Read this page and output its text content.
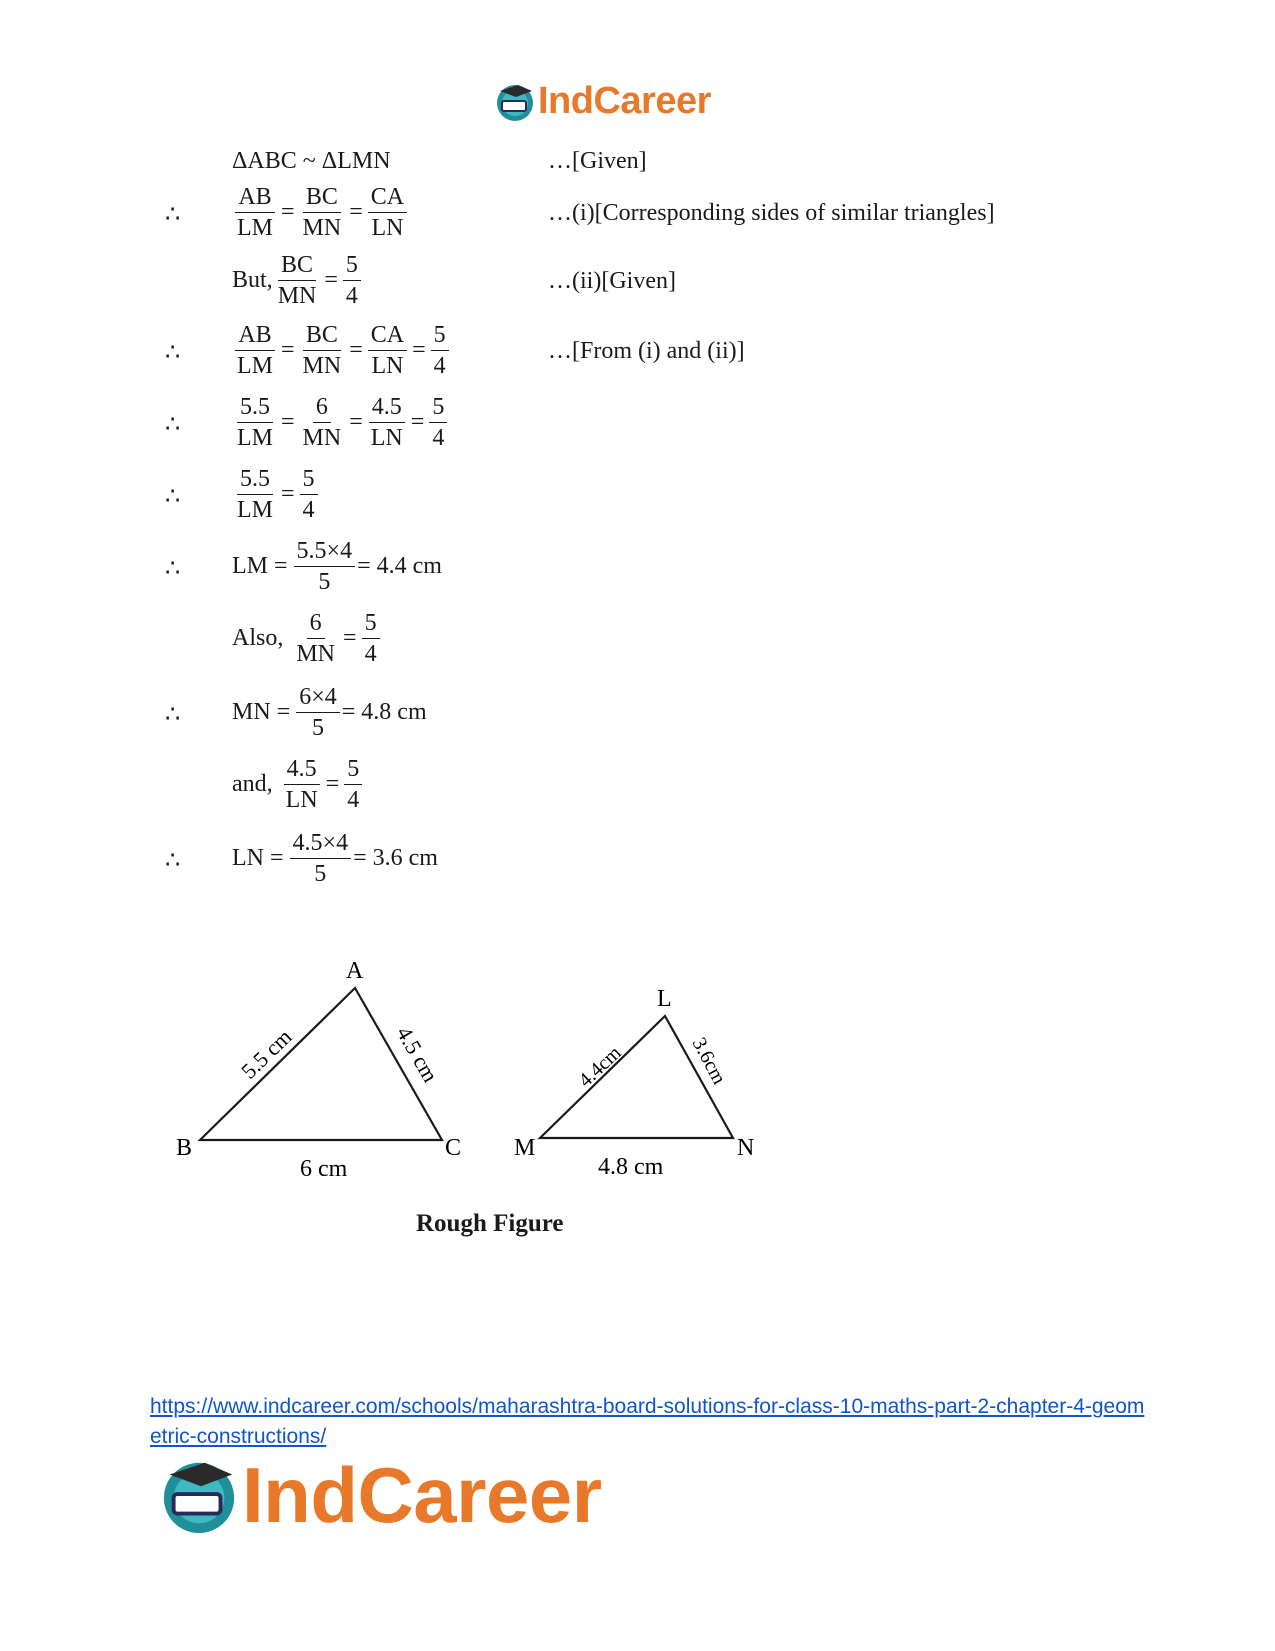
IndCareer
ΔABC ~ ΔLMN	…[Given]
∴ $\frac{AB}{LM} = \frac{BC}{MN} = \frac{CA}{LN}$	…(i)[Corresponding sides of similar triangles]
But, $\frac{BC}{MN} = \frac{5}{4}$	…(ii)[Given]
∴ $\frac{AB}{LM} = \frac{BC}{MN} = \frac{CA}{LN} = \frac{5}{4}$	…[From (i) and (ii)]
∴ $\frac{5.5}{LM} = \frac{6}{MN} = \frac{4.5}{LN} = \frac{5}{4}$
∴ $\frac{5.5}{LM} = \frac{5}{4}$
∴ LM = $\frac{5.5\times 4}{5} = 4.4$ cm
Also, $\frac{6}{MN} = \frac{5}{4}$
∴ MN = $\frac{6\times 4}{5} = 4.8$ cm
and, $\frac{4.5}{LN} = \frac{5}{4}$
∴ LN = $\frac{4.5\times 4}{5} = 3.6$ cm
A
B	C
5.5 cm	4.5 cm
6 cm
L
M	N
4.4cm	3.6cm
4.8 cm
Rough Figure
https://www.indcareer.com/schools/maharashtra-board-solutions-for-class-10-maths-part-2-chapter-4-geometric-constructions/
IndCareer
